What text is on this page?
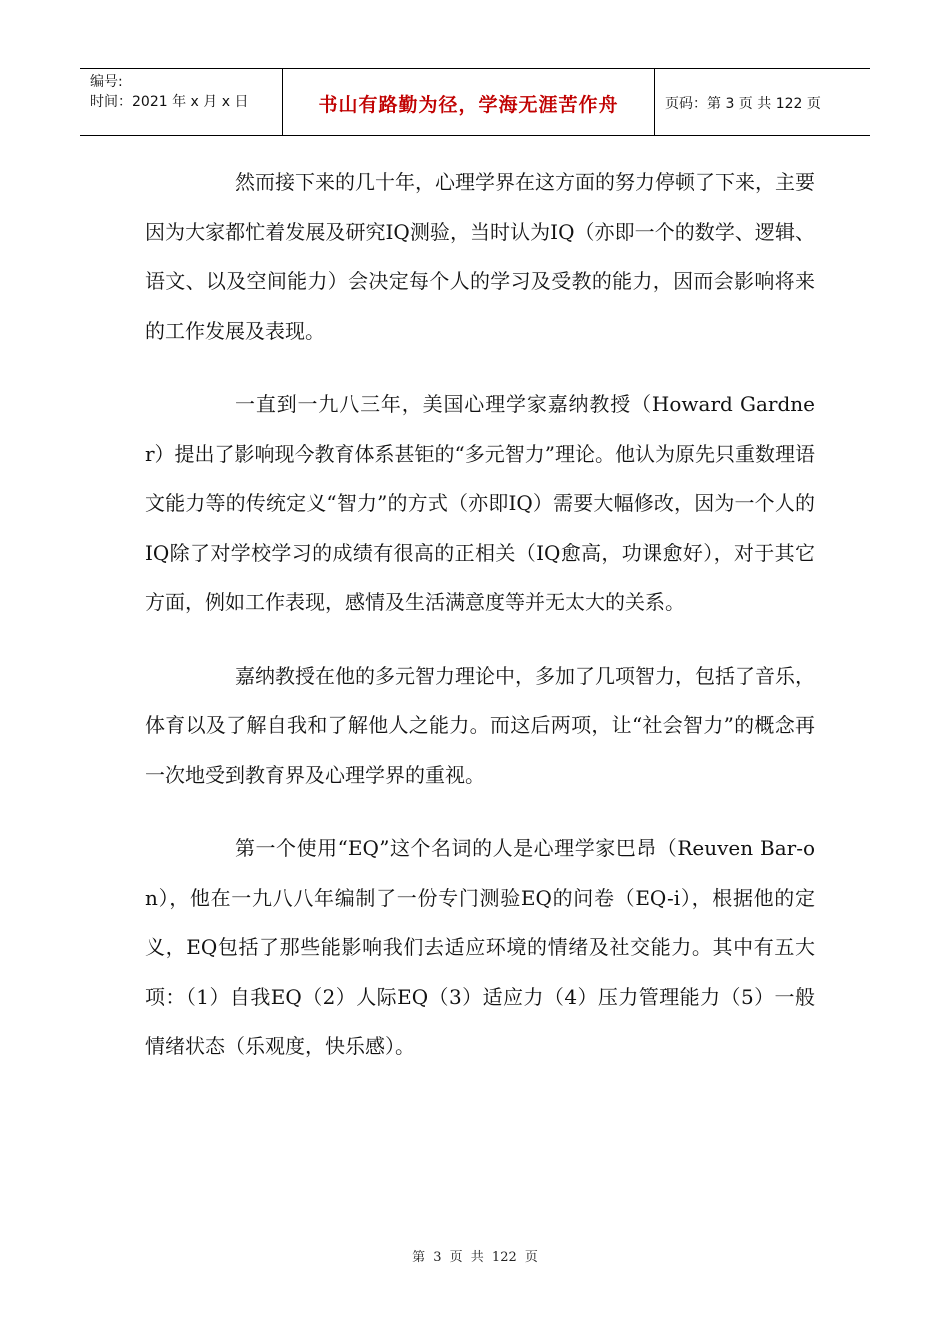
编号:
时间：2021 年 x 月 x 日	书山有路勤为径，学海无涯苦作舟	页码：第 3 页 共 122 页

然而接下来的几十年，心理学界在这方面的努力停顿了下来，主要因为大家都忙着发展及研究IQ测验，当时认为IQ（亦即一个的数学、逻辑、语文、以及空间能力）会决定每个人的学习及受教的能力，因而会影响将来的工作发展及表现。

一直到一九八三年，美国心理学家嘉纳教授（Howard Gardner）提出了影响现今教育体系甚钜的“多元智力”理论。他认为原先只重数理语文能力等的传统定义“智力”的方式（亦即IQ）需要大幅修改，因为一个人的IQ除了对学校学习的成绩有很高的正相关（IQ愈高，功课愈好），对于其它方面，例如工作表现，感情及生活满意度等并无太大的关系。

嘉纳教授在他的多元智力理论中，多加了几项智力，包括了音乐，体育以及了解自我和了解他人之能力。而这后两项，让“社会智力”的概念再一次地受到教育界及心理学界的重视。

第一个使用“EQ”这个名词的人是心理学家巴昂（Reuven Bar-on），他在一九八八年编制了一份专门测验EQ的问卷（EQ-i），根据他的定义，EQ包括了那些能影响我们去适应环境的情绪及社交能力。其中有五大项：（1）自我EQ（2）人际EQ（3）适应力（4）压力管理能力（5）一般情绪状态（乐观度，快乐感）。

第 3 页 共 122 页
